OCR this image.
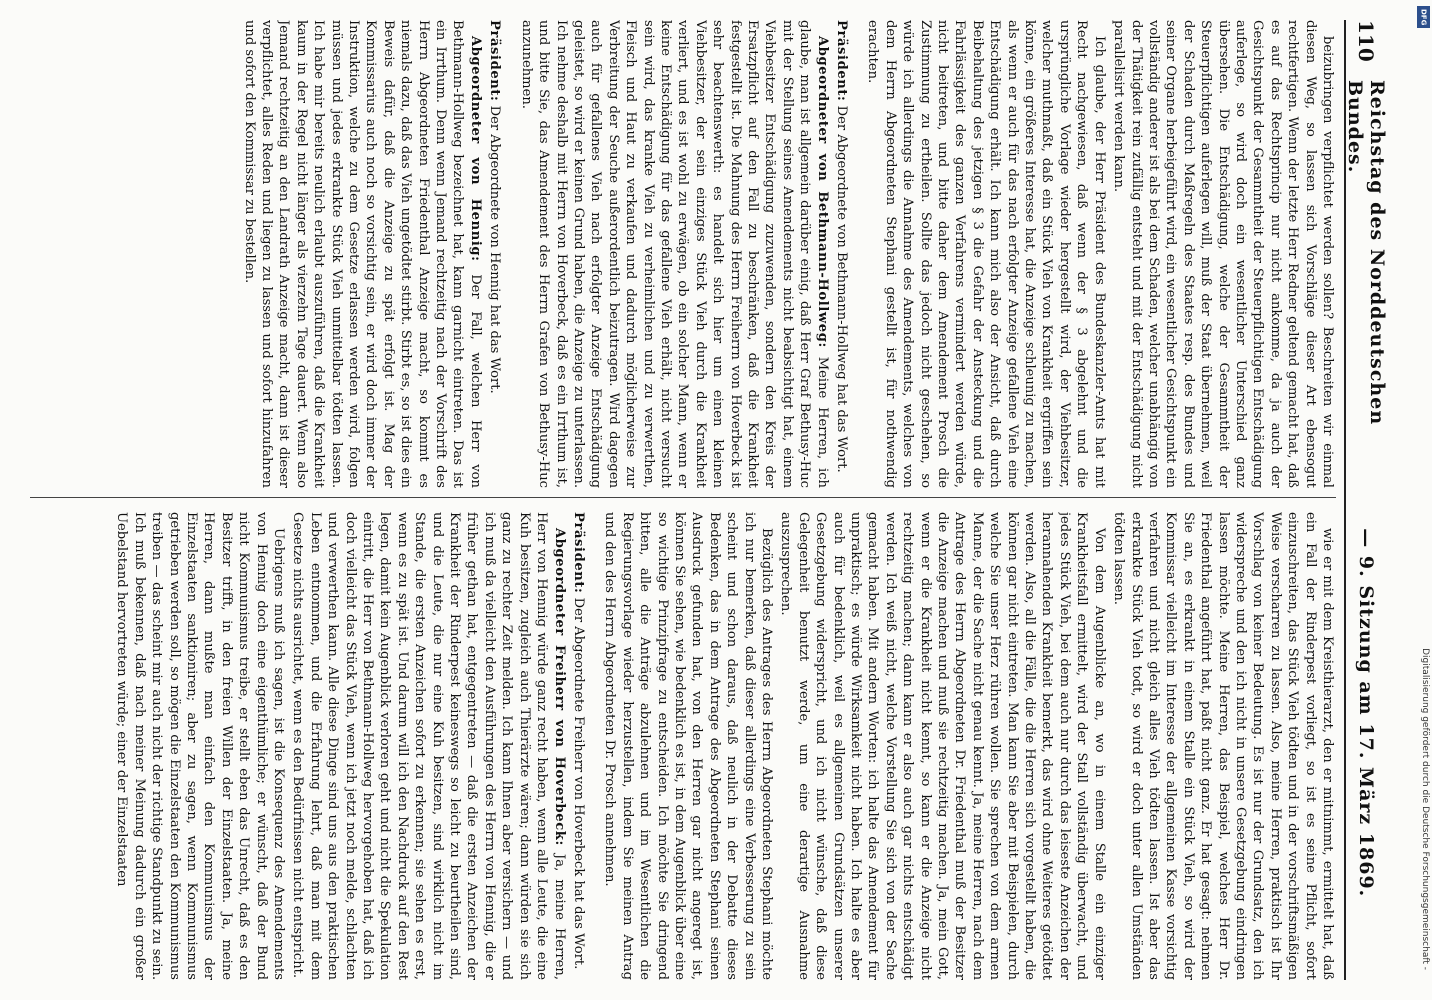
110
Reichstag des Norddeutschen Bundes.
— 9. Sitzung am 17. März 1869.

beizubringen verpflichtet werden sollen? Beschreiten wir einmal diesen Weg, so lassen sich Vorschläge dieser Art ebensogut rechtfertigen. Wenn der letzte Herr Redner geltend gemacht hat, daß es auf das Rechtsprincip nur nicht ankomme, da ja auch der Gesichtspunkt der Gesammtheit der Steuerpflichtigen Entschädigung auferlege, so wird doch ein wesentlicher Unterschied ganz übersehen. Die Entschädigung, welche der Gesammtheit der Steuerpflichtigen auferlegen will, muß der Staat übernehmen, weil der Schaden durch Maßregeln des Staates resp. des Bundes und seiner Organe herbeigeführt wird, ein wesentlicher Gesichtspunkt ein vollständig anderer ist als bei dem Schaden, welcher unabhängig von der Thätigkeit rein zufällig entsteht und mit der Entschädigung nicht parallelisirt werden kann.

Ich glaube, der Herr Präsident des Bundeskanzler-Amts hat mit Recht nachgewiesen, daß wenn der § 3 abgelehnt und die ursprüngliche Vorlage wieder hergestellt wird, der Viehbesitzer, welcher muthmaßt, daß ein Stück Vieh von Krankheit ergriffen sein könne, ein größeres Interesse hat, die Anzeige schleunig zu machen, als wenn er auch für das nach erfolgter Anzeige gefallene Vieh eine Entschädigung erhält. Ich kann mich also der Ansicht, daß durch Beibehaltung des jetzigen § 3 die Gefahr der Ansteckung und die Fahrlässigkeit des ganzen Verfahrens vermindert werden würde, nicht beitreten, und bitte daher dem Amendement Prosch die Zustimmung zu ertheilen. Sollte das jedoch nicht geschehen, so würde ich allerdings die Annahme des Amendements, welches von dem Herrn Abgeordneten Stephani gestellt ist, für nothwendig erachten.

Präsident: Der Abgeordnete von Bethmann-Hollweg hat das Wort.

Abgeordneter von Bethmann-Hollweg: Meine Herren, ich glaube, man ist allgemein darüber einig, daß Herr Graf Bethusy-Huc mit der Stellung seines Amendements nicht beabsichtigt hat, einem Viehbesitzer Entschädigung zuzuwenden, sondern den Kreis der Ersatzpflicht auf den Fall zu beschränken, daß die Krankheit festgestellt ist. Die Mahnung des Herrn Freiherrn von Hoverbeck ist sehr beachtenswerth: es handelt sich hier um einen kleinen Viehbesitzer, der sein einziges Stück Vieh durch die Krankheit verliert, und es ist wohl zu erwägen, ob ein solcher Mann, wenn er keine Entschädigung für das gefallene Vieh erhält, nicht versucht sein wird, das kranke Vieh zu verheimlichen und zu verwerthen, Fleisch und Haut zu verkaufen und dadurch möglicherweise zur Verbreitung der Seuche außerordentlich beizutragen. Wird dagegen auch für gefallenes Vieh nach erfolgter Anzeige Entschädigung geleistet, so wird er keinen Grund haben, die Anzeige zu unterlassen. Ich nehme deshalb mit Herrn von Hoverbeck, daß es ein Irrthum ist, und bitte Sie, das Amendement des Herrn Grafen von Bethusy-Huc anzunehmen.

Präsident: Der Abgeordnete von Hennig hat das Wort.

Abgeordneter von Hennig: Der Fall, welchen Herr von Bethmann-Hollweg bezeichnet hat, kann garnicht eintreten. Das ist ein Irrthum. Denn wenn Jemand rechtzeitig nach der Vorschrift des Herrn Abgeordneten Friedenthal Anzeige macht, so kommt es niemals dazu, daß das Vieh ungetödtet stirbt. Stirbt es, so ist dies ein Beweis dafür, daß die Anzeige zu spät erfolgt ist. Mag der Kommissarius auch noch so vorsichtig sein, er wird doch immer der Instruktion, welche zu dem Gesetze erlassen werden wird, folgen müssen und jedes erkrankte Stück Vieh unmittelbar tödten lassen. Ich habe mir bereits neulich erlaubt auszuführen, daß die Krankheit kaum in der Regel nicht länger als vierzehn Tage dauert. Wenn also Jemand rechtzeitig an den Landrath Anzeige macht, dann ist dieser verpflichtet, alles Reden und liegen zu lassen und sofort hinzufahren und sofort den Kommissar zu bestellen.

wie er mit dem Kreisthierarzt, den er mitnimmt, ermittelt hat, daß ein Fall der Rinderpest vorliegt, so ist es seine Pflicht, sofort einzuschreiten, das Stück Vieh tödten und in der vorschriftsmäßigen Weise verscharren zu lassen. Also, meine Herren, praktisch ist Ihr Vorschlag von keiner Bedeutung. Es ist nur der Grundsatz, den ich widerspreche und den ich nicht in unsere Gesetzgebung eindringen lassen möchte. Meine Herren, das Beispiel, welches Herr Dr. Friedenthal angeführt hat, paßt nicht ganz. Er hat gesagt: nehmen Sie an, es erkrankt in einem Stalle ein Stück Vieh, so wird der Kommissar vielleicht im Interesse der allgemeinen Kasse vorsichtig verfahren und nicht gleich alles Vieh tödten lassen. Ist aber das erkrankte Stück Vieh todt, so wird er doch unter allen Umständen tödten lassen.

Von dem Augenblicke an, wo in einem Stalle ein einziger Krankheitsfall ermittelt, wird der Stall vollständig überwacht, und jedes Stück Vieh, bei dem auch nur durch das leiseste Anzeichen der herannahenden Krankheit bemerkt, das wird ohne Weiteres getödtet werden. Also, all die Fälle, die die Herren sich vorgestellt haben, die können gar nicht eintreten. Man kann Sie aber mit Beispielen, durch welche Sie unser Herz rühren wollen. Sie sprechen von dem armen Manne, der die Sache nicht genau kennt. Ja, meine Herren, nach dem Antrage des Herrn Abgeordneten Dr. Friedenthal muß der Besitzer die Anzeige machen und muß sie rechtzeitig machen. Ja, mein Gott, wenn er die Krankheit nicht kennt, so kann er die Anzeige nicht rechtzeitig machen; dann kann er also auch gar nichts entschädigt werden. Ich weiß nicht, welche Vorstellung Sie sich von der Sache gemacht haben. Mit andern Worten: ich halte das Amendement für unpraktisch; es würde Wirksamkeit nicht haben. Ich halte es aber auch für bedenklich, weil es allgemeinen Grundsätzen unserer Gesetzgebung widerspricht, und ich nicht wünsche, daß diese Gelegenheit benutzt werde, um eine derartige Ausnahme auszusprechen.

Bezüglich des Antrages des Herrn Abgeordneten Stephani möchte ich nur bemerken, daß dieser allerdings eine Verbesserung zu sein scheint und schon daraus, daß neulich in der Debatte dieses Bedenken, das in dem Antrage des Abgeordneten Stephani seinen Ausdruck gefunden hat, von den Herren gar nicht angeregt ist, können Sie sehen, wie bedenklich es ist, in dem Augenblick über eine so wichtige Prinzipfrage zu entscheiden. Ich möchte Sie dringend bitten, alle die Anträge abzulehnen und im Wesentlichen die Regierungsvorlage wieder herzustellen, indem Sie meinen Antrag und den des Herrn Abgeordneten Dr. Prosch annehmen.

Präsident: Der Abgeordnete Freiherr von Hoverbeck hat das Wort.

Abgeordneter Freiherr von Hoverbeck: Ja, meine Herren, Herr von Hennig würde ganz recht haben, wenn alle Leute, die eine Kuh besitzen, zugleich auch Thierärzte wären; dann würden sie sich ganz zu rechter Zeit melden. Ich kann Ihnen aber versichern — und ich muß da vielleicht den Ausführungen des Herrn von Hennig, die er früher gethan hat, entgegentreten — daß die ersten Anzeichen der Krankheit der Rinderpest keineswegs so leicht zu beurtheilen sind, und die Leute, die nur eine Kuh besitzen, sind wirklich nicht im Stande, die ersten Anzeichen sofort zu erkennen; sie sehen es erst, wenn es zu spät ist. Und darum will ich den Nachdruck auf den Rest legen, damit kein Augenblick verloren geht und nicht die Spekulation eintritt, die Herr von Bethmann-Hollweg hervorgehoben hat, daß ich doch vielleicht das Stück Vieh, wenn ich jetzt noch melde, schlachten und verwerthen kann. Alle diese Dinge sind uns aus den praktischen Leben entnommen, und die Erfahrung lehrt, daß man mit dem Gesetze nichts ausrichtet, wenn es den Bedürfnissen nicht entspricht.

Uebrigens muß ich sagen, ist die Konsequenz des Amendements von Hennig doch eine eigenthümliche; er wünscht, daß der Bund nicht Kommunismus treibe, er stellt eben das Unrecht, daß es den Besitzer trifft, in den freien Willen der Einzelstaaten. Ja, meine Herren, dann mußte man einfach den Kommunismus der Einzelstaaten sanktioniren; aber zu sagen, wenn Kommunismus getrieben werden soll, so mögen die Einzelstaaten den Kommunismus treiben — das scheint mir auch nicht der richtige Standpunkt zu sein. Ich muß bekennen, daß nach meiner Meinung dadurch ein großer Uebelstand hervortreten würde; einer der Einzelstaaten	Digitalisierung gefördert durch die Deutsche Forschungsgemeinschaft -
DFG
